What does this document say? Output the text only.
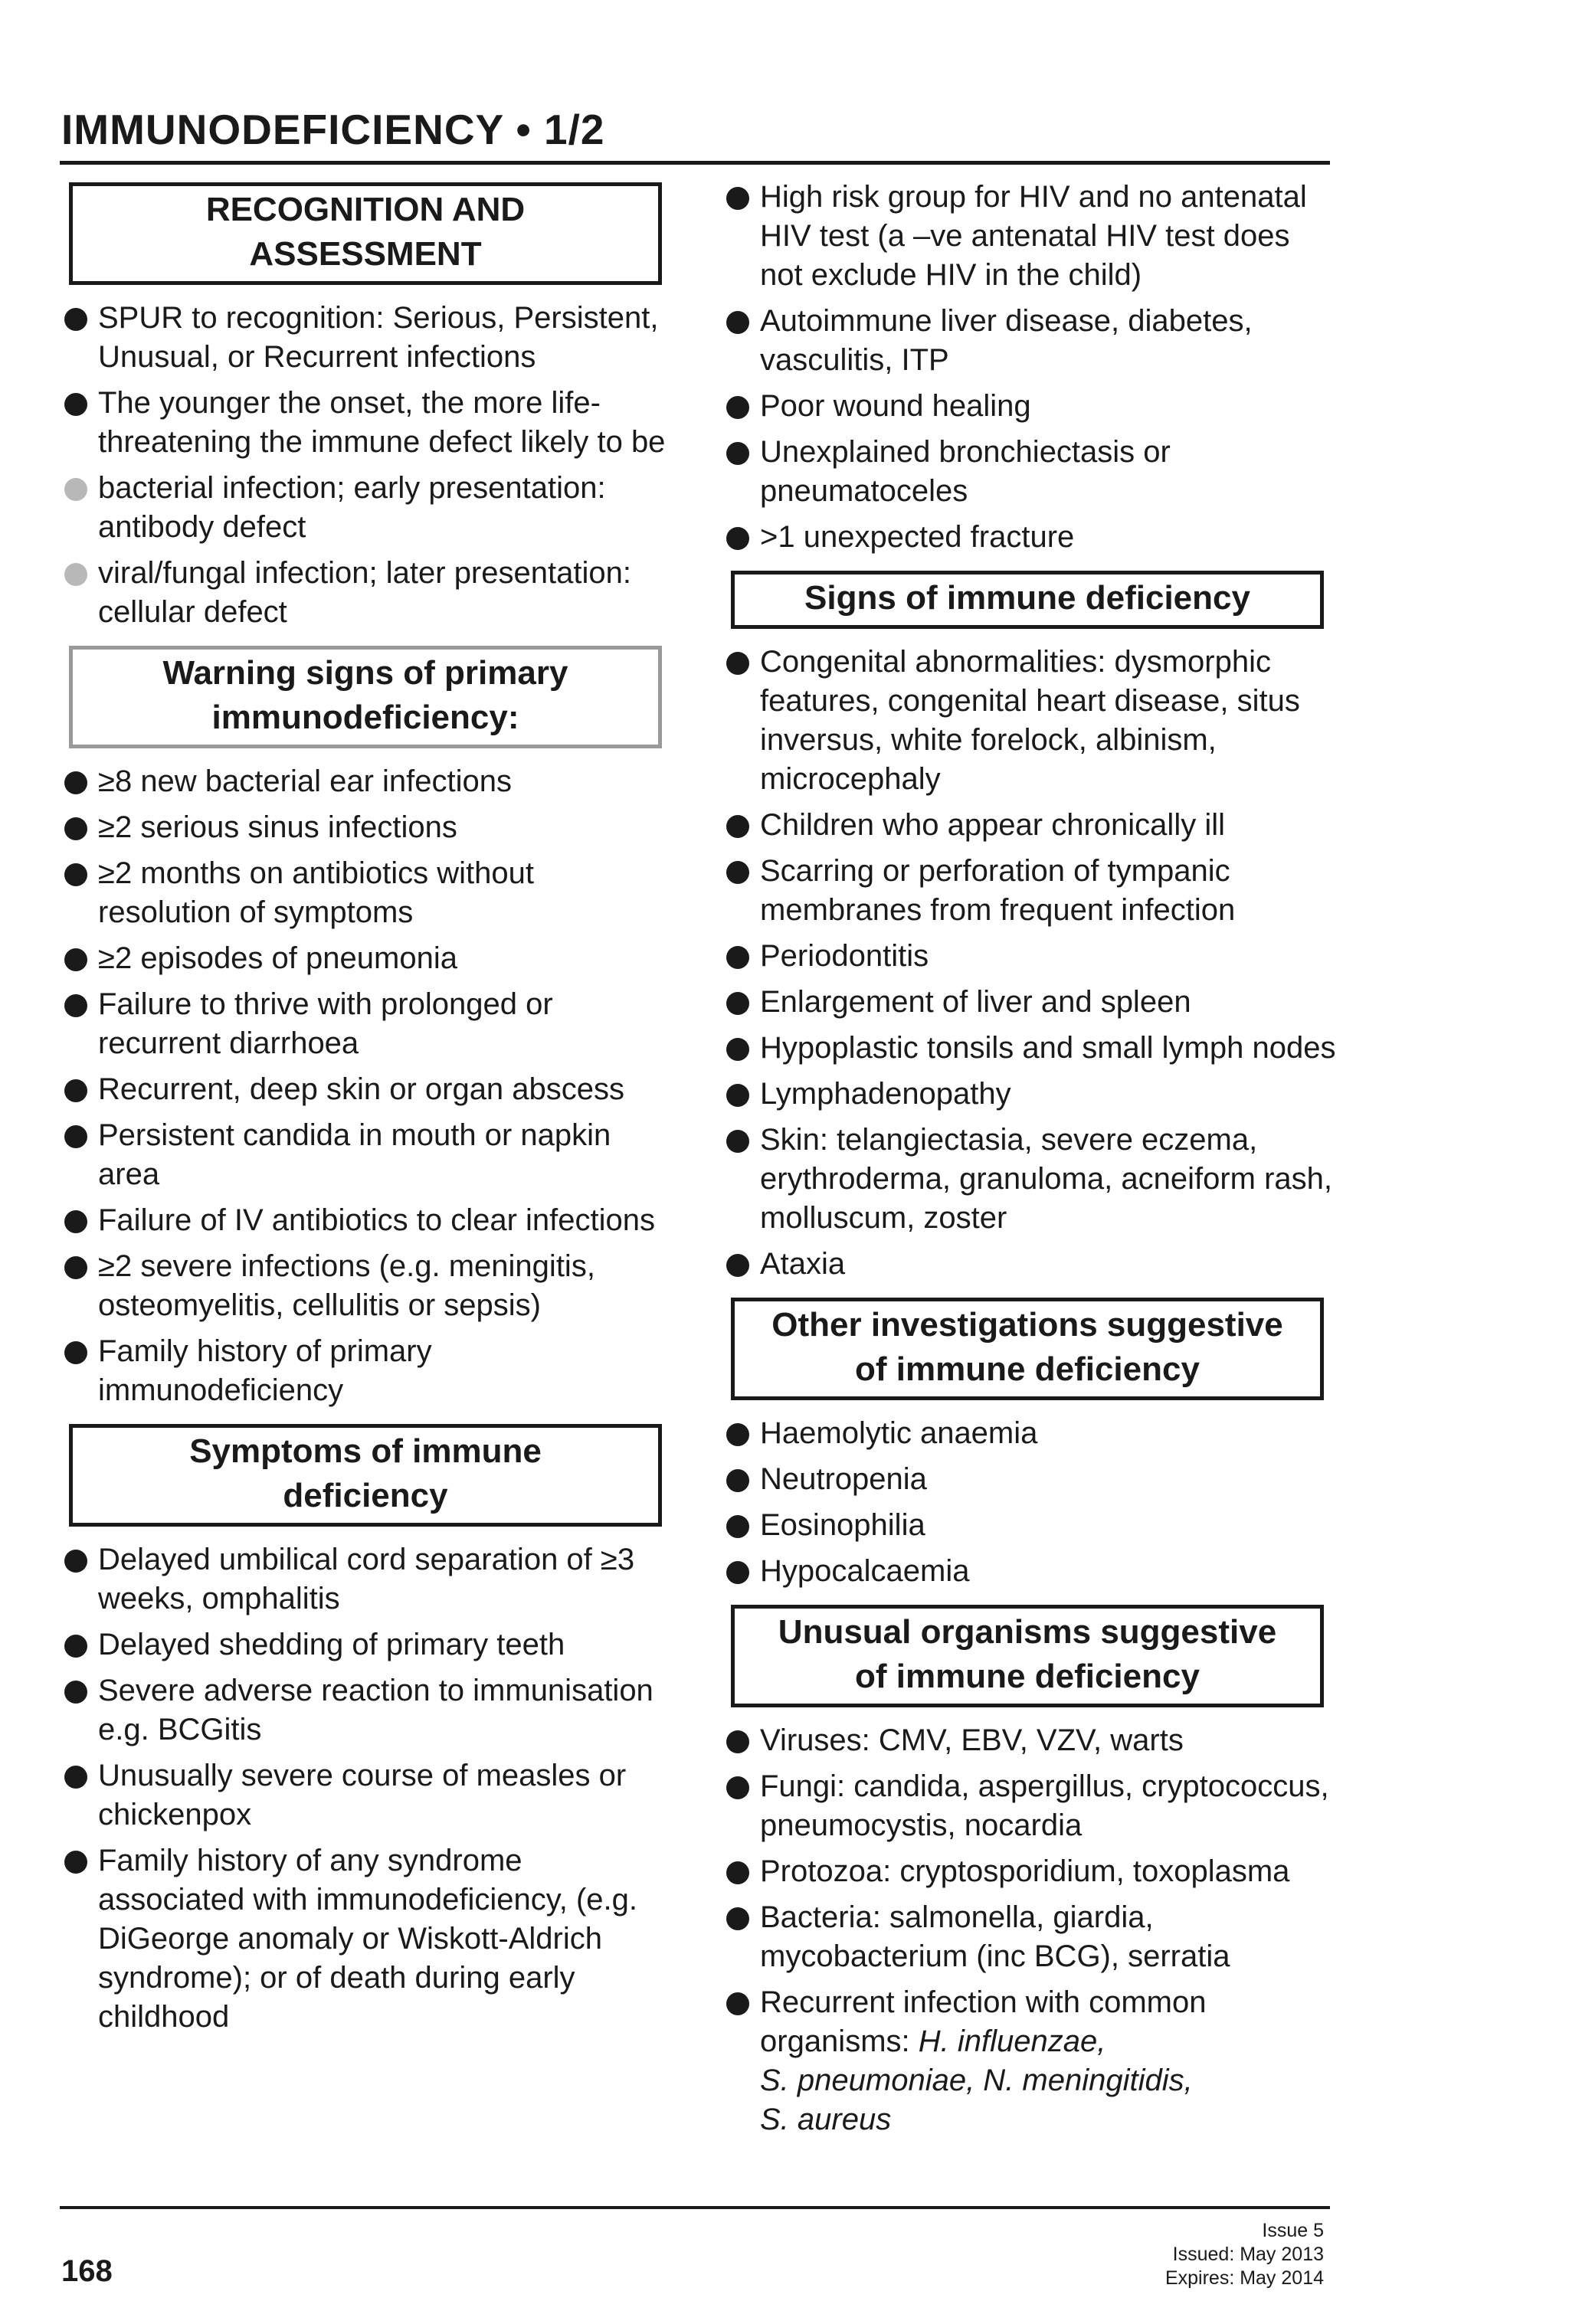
IMMUNODEFICIENCY • 1/2
RECOGNITION AND
ASSESSMENT
SPUR to recognition: Serious, Persistent, Unusual, or Recurrent infections
The younger the onset, the more life-threatening the immune defect likely to be
bacterial infection; early presentation: antibody defect
viral/fungal infection; later presentation: cellular defect
Warning signs of primary
immunodeficiency:
≥8 new bacterial ear infections
≥2 serious sinus infections
≥2 months on antibiotics without resolution of symptoms
≥2 episodes of pneumonia
Failure to thrive with prolonged or recurrent diarrhoea
Recurrent, deep skin or organ abscess
Persistent candida in mouth or napkin area
Failure of IV antibiotics to clear infections
≥2 severe infections (e.g. meningitis, osteomyelitis, cellulitis or sepsis)
Family history of primary immunodeficiency
Symptoms of immune
deficiency
Delayed umbilical cord separation of ≥3 weeks, omphalitis
Delayed shedding of primary teeth
Severe adverse reaction to immunisation e.g. BCGitis
Unusually severe course of measles or chickenpox
Family history of any syndrome associated with immunodeficiency, (e.g. DiGeorge anomaly or Wiskott-Aldrich syndrome); or of death during early childhood
High risk group for HIV and no antenatal HIV test (a –ve antenatal HIV test does not exclude HIV in the child)
Autoimmune liver disease, diabetes, vasculitis, ITP
Poor wound healing
Unexplained bronchiectasis or pneumatoceles
>1 unexpected fracture
Signs of immune deficiency
Congenital abnormalities: dysmorphic features, congenital heart disease, situs inversus, white forelock, albinism, microcephaly
Children who appear chronically ill
Scarring or perforation of tympanic membranes from frequent infection
Periodontitis
Enlargement of liver and spleen
Hypoplastic tonsils and small lymph nodes
Lymphadenopathy
Skin: telangiectasia, severe eczema, erythroderma, granuloma, acneiform rash, molluscum, zoster
Ataxia
Other investigations suggestive
of immune deficiency
Haemolytic anaemia
Neutropenia
Eosinophilia
Hypocalcaemia
Unusual organisms suggestive
of immune deficiency
Viruses: CMV, EBV, VZV, warts
Fungi: candida, aspergillus, cryptococcus, pneumocystis, nocardia
Protozoa: cryptosporidium, toxoplasma
Bacteria: salmonella, giardia, mycobacterium (inc BCG), serratia
Recurrent infection with common organisms: H. influenzae,
S. pneumoniae, N. meningitidis,
S. aureus
168
Issue 5
Issued: May 2013
Expires: May 2014
